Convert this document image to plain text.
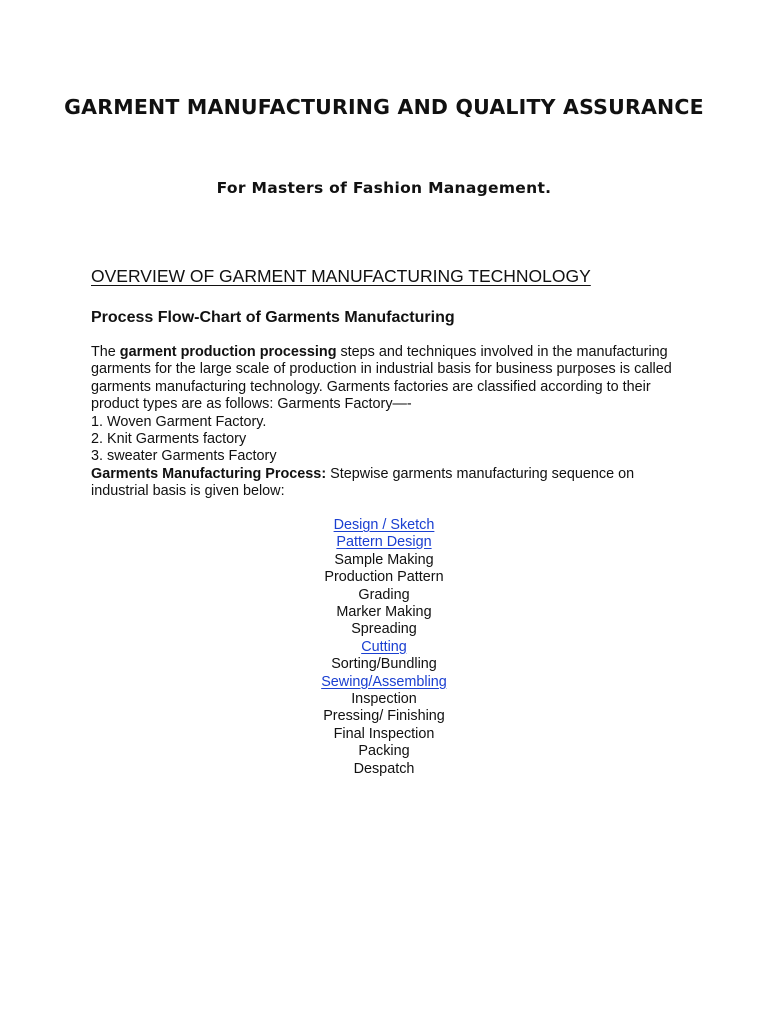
GARMENT MANUFACTURING AND QUALITY ASSURANCE
For Masters of Fashion Management.
OVERVIEW OF GARMENT MANUFACTURING TECHNOLOGY
Process Flow-Chart of Garments Manufacturing

The garment production processing steps and techniques involved in the manufacturing garments for the large scale of production in industrial basis for business purposes is called garments manufacturing technology. Garments factories are classified according to their product types are as follows: Garments Factory—-

1. Woven Garment Factory.

2. Knit Garments factory

3. sweater Garments Factory

Garments Manufacturing Process: Stepwise garments manufacturing sequence on industrial basis is given below:

Design / Sketch
Pattern Design
Sample Making
Production Pattern
Grading
Marker Making
Spreading
Cutting
Sorting/Bundling
Sewing/Assembling
Inspection
Pressing/ Finishing
Final Inspection
Packing
Despatch
